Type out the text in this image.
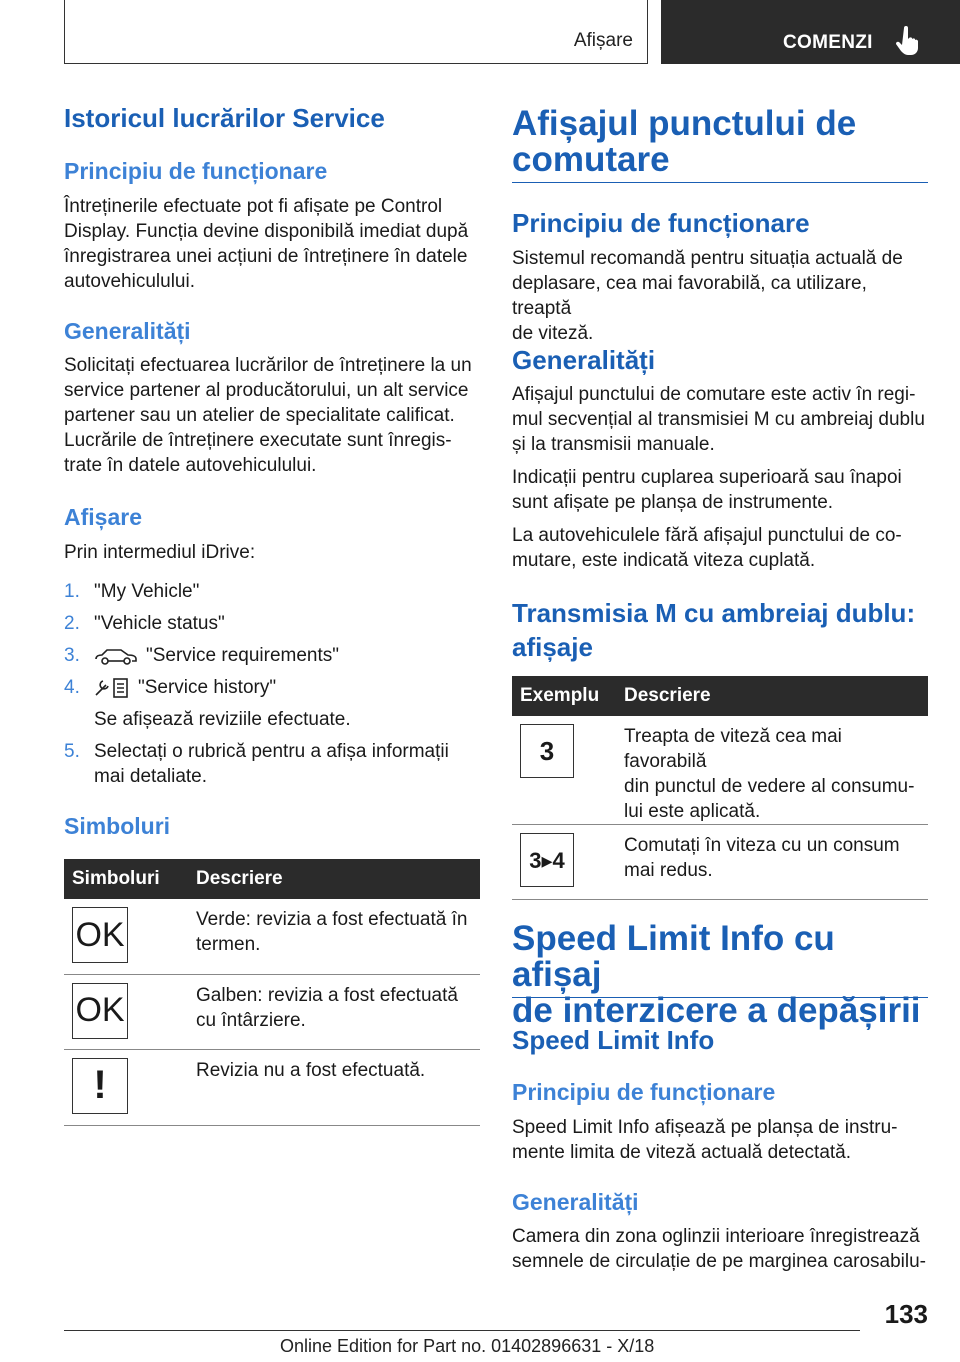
Afișare	COMENZI
Istoricul lucrărilor Service
Principiu de funcționare
Întreținerile efectuate pot fi afișate pe Control
Display. Funcția devine disponibilă imediat după
înregistrarea unei acțiuni de întreținere în datele
autovehiculului.
Generalități
Solicitați efectuarea lucrărilor de întreținere la un
service partener al producătorului, un alt service
partener sau un atelier de specialitate calificat.
Lucrările de întreținere executate sunt înregis-
trate în datele autovehiculului.
Afișare
Prin intermediul iDrive:
1. "My Vehicle"
2. "Vehicle status"
3.	"Service requirements"
4.	"Service history"
Se afișează reviziile efectuate.
5. Selectați o rubrică pentru a afișa informații
mai detaliate.
Simboluri
Simboluri	Descriere

OK	Verde: revizia a fost efectuată în
termen.

OK	Galben: revizia a fost efectuată
cu întârziere.

!	Revizia nu a fost efectuată.
Afișajul punctului de
comutare
Principiu de funcționare
Sistemul recomandă pentru situația actuală de
deplasare, cea mai favorabilă, ca utilizare, treaptă
de viteză.
Generalități
Afișajul punctului de comutare este activ în regi-
mul secvențial al transmisiei M cu ambreiaj dublu
și la transmisii manuale.
Indicații pentru cuplarea superioară sau înapoi
sunt afișate pe planșa de instrumente.
La autovehiculele fără afișajul punctului de co-
mutare, este indicată viteza cuplată.
Transmisia M cu ambreiaj dublu:
afișaje
Exemplu	Descriere

3	Treapta de viteză cea mai favorabilă
din punctul de vedere al consumu-
lui este aplicată.

3▸4	Comutați în viteza cu un consum
mai redus.
Speed Limit Info cu afișaj
de interzicere a depășirii
Speed Limit Info
Principiu de funcționare
Speed Limit Info afișează pe planșa de instru-
mente limita de viteză actuală detectată.
Generalități
Camera din zona oglinzii interioare înregistrează
semnele de circulație de pe marginea carosabilu-
133
Online Edition for Part no. 01402896631 - X/18
